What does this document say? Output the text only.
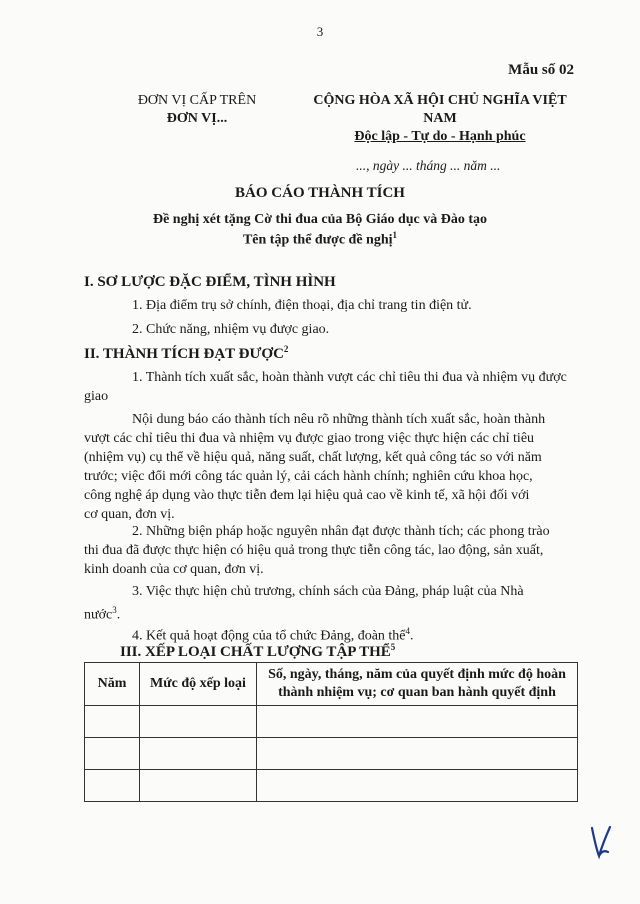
3
Mẫu số 02
ĐƠN VỊ CẤP TRÊN
ĐƠN VỊ...
CỘNG HÒA XÃ HỘI CHỦ NGHĨA VIỆT NAM
Độc lập - Tự do - Hạnh phúc
..., ngày ... tháng ... năm ...
BÁO CÁO THÀNH TÍCH
Đề nghị xét tặng Cờ thi đua của Bộ Giáo dục và Đào tạo
Tên tập thể được đề nghị$^1$
I. SƠ LƯỢC ĐẶC ĐIỂM, TÌNH HÌNH
1. Địa điểm trụ sở chính, điện thoại, địa chỉ trang tin điện tử.
2. Chức năng, nhiệm vụ được giao.
II. THÀNH TÍCH ĐẠT ĐƯỢC$^2$
1. Thành tích xuất sắc, hoàn thành vượt các chỉ tiêu thi đua và nhiệm vụ được
giao
Nội dung báo cáo thành tích nêu rõ những thành tích xuất sắc, hoàn thành
vượt các chỉ tiêu thi đua và nhiệm vụ được giao trong việc thực hiện các chỉ tiêu
(nhiệm vụ) cụ thể về hiệu quả, năng suất, chất lượng, kết quả công tác so với năm
trước; việc đổi mới công tác quản lý, cải cách hành chính; nghiên cứu khoa học,
công nghệ áp dụng vào thực tiễn đem lại hiệu quả cao về kinh tế, xã hội đối với
cơ quan, đơn vị.
2. Những biện pháp hoặc nguyên nhân đạt được thành tích; các phong trào
thi đua đã được thực hiện có hiệu quả trong thực tiễn công tác, lao động, sản xuất,
kinh doanh của cơ quan, đơn vị.
3. Việc thực hiện chủ trương, chính sách của Đảng, pháp luật của Nhà
nước$^3$.
4. Kết quả hoạt động của tổ chức Đảng, đoàn thể$^4$.
III. XẾP LOẠI CHẤT LƯỢNG TẬP THỂ$^5$
Năm	Mức độ xếp loại	Số, ngày, tháng, năm của quyết định mức độ hoàn
thành nhiệm vụ; cơ quan ban hành quyết định
